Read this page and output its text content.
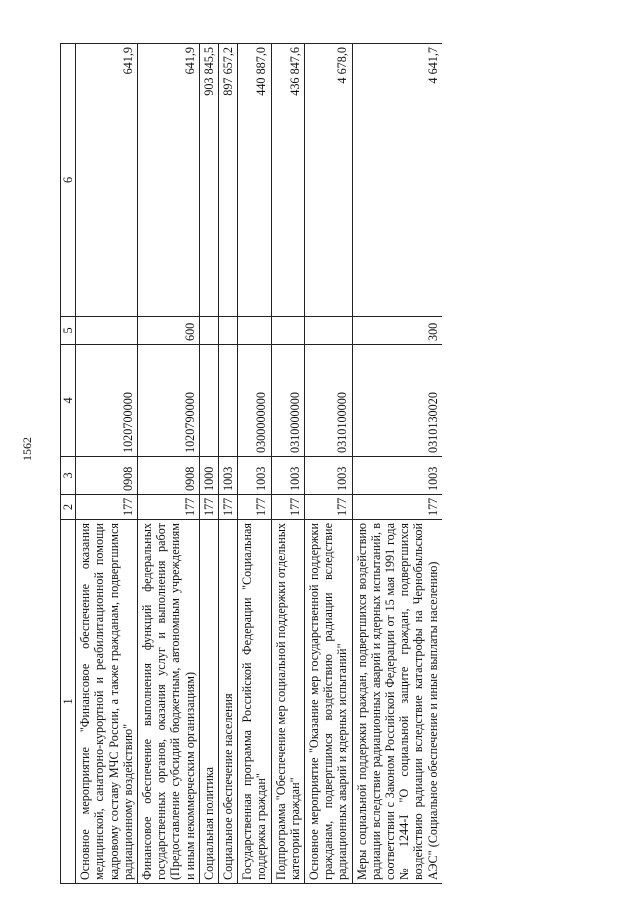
1562
1	2	3	4	5	6
Основное мероприятие "Финансовое обеспечение оказания медицинской, санаторно-курортной и реабилитационной помощи кадровому составу МЧС России, а также гражданам, подвергшимся радиационному воздействию"	177	0908	1020700000		641,9
Финансовое обеспечение выполнения функций федеральных государственных органов, оказания услуг и выполнения работ (Предоставление субсидий бюджетным, автономным учреждениям и иным некоммерческим организациям)	177	0908	1020790000	600	641,9
Социальная политика	177	1000			903 845,5
Социальное обеспечение населения	177	1003			897 657,2
Государственная программа Российской Федерации "Социальная поддержка граждан"	177	1003	0300000000		440 887,0
Подпрограмма "Обеспечение мер социальной поддержки отдельных категорий граждан"	177	1003	0310000000		436 847,6
Основное мероприятие "Оказание мер государственной поддержки гражданам, подвергшимся воздействию радиации вследствие радиационных аварий и ядерных испытаний"	177	1003	0310100000		4 678,0
Меры социальной поддержки граждан, подвергшихся воздействию радиации вследствие радиационных аварий и ядерных испытаний, в соответствии с Законом Российской Федерации от 15 мая 1991 года № 1244-I "О социальной защите граждан, подвергшихся воздействию радиации вследствие катастрофы на Чернобыльской АЭС" (Социальное обеспечение и иные выплаты населению)	177	1003	0310130020	300	4 641,7
